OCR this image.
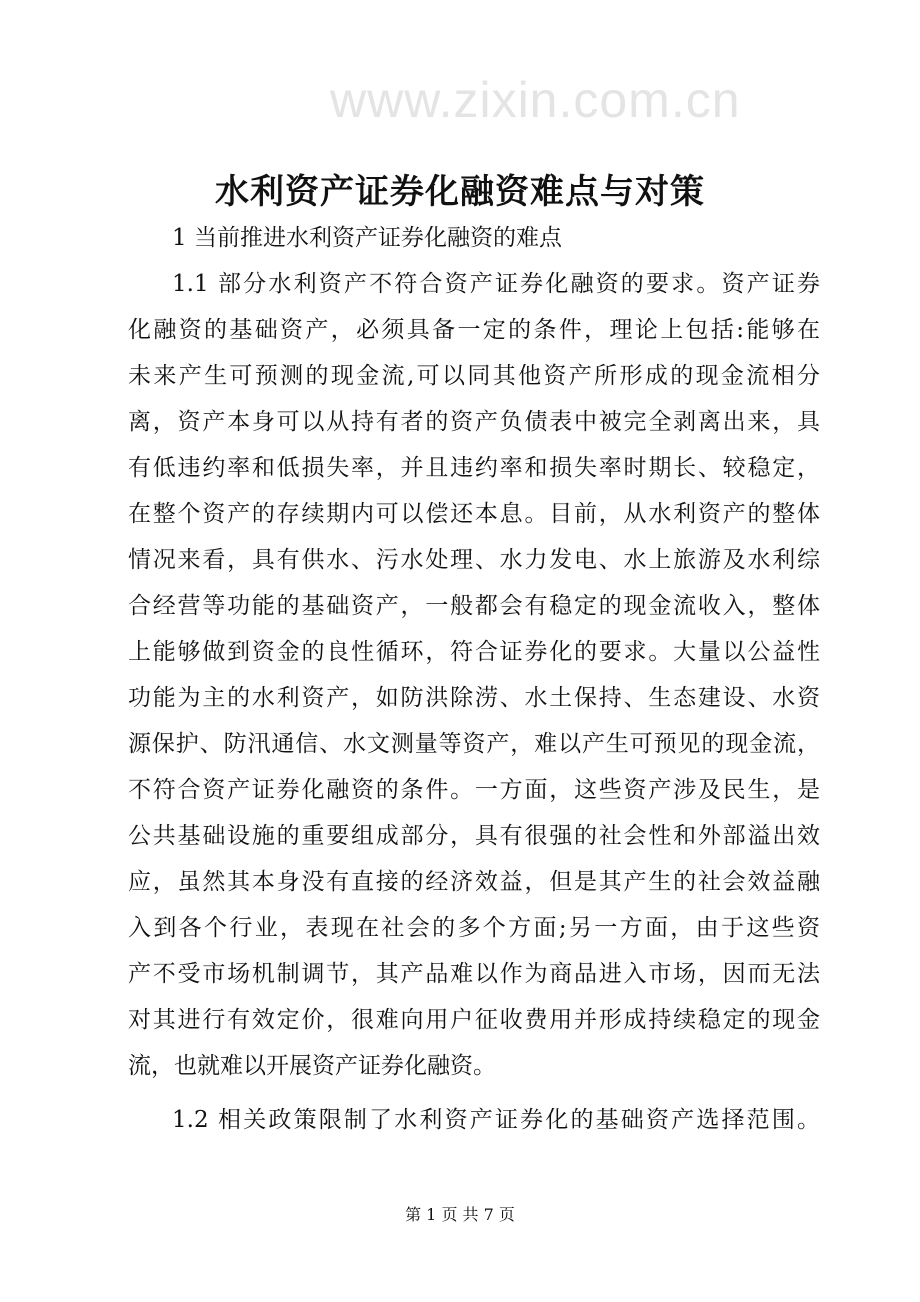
www.zixin.com.cn
水利资产证券化融资难点与对策
1 当前推进水利资产证券化融资的难点
1.1 部分水利资产不符合资产证券化融资的要求。资产证券
化融资的基础资产，必须具备一定的条件，理论上包括:能够在
未来产生可预测的现金流,可以同其他资产所形成的现金流相分
离，资产本身可以从持有者的资产负债表中被完全剥离出来，具
有低违约率和低损失率，并且违约率和损失率时期长、较稳定，
在整个资产的存续期内可以偿还本息。目前，从水利资产的整体
情况来看，具有供水、污水处理、水力发电、水上旅游及水利综
合经营等功能的基础资产，一般都会有稳定的现金流收入，整体
上能够做到资金的良性循环，符合证券化的要求。大量以公益性
功能为主的水利资产，如防洪除涝、水土保持、生态建设、水资
源保护、防汛通信、水文测量等资产，难以产生可预见的现金流，
不符合资产证券化融资的条件。一方面，这些资产涉及民生，是
公共基础设施的重要组成部分，具有很强的社会性和外部溢出效
应，虽然其本身没有直接的经济效益，但是其产生的社会效益融
入到各个行业，表现在社会的多个方面;另一方面，由于这些资
产不受市场机制调节，其产品难以作为商品进入市场，因而无法
对其进行有效定价，很难向用户征收费用并形成持续稳定的现金
流，也就难以开展资产证券化融资。
1.2 相关政策限制了水利资产证券化的基础资产选择范围。
第 1 页 共 7 页
